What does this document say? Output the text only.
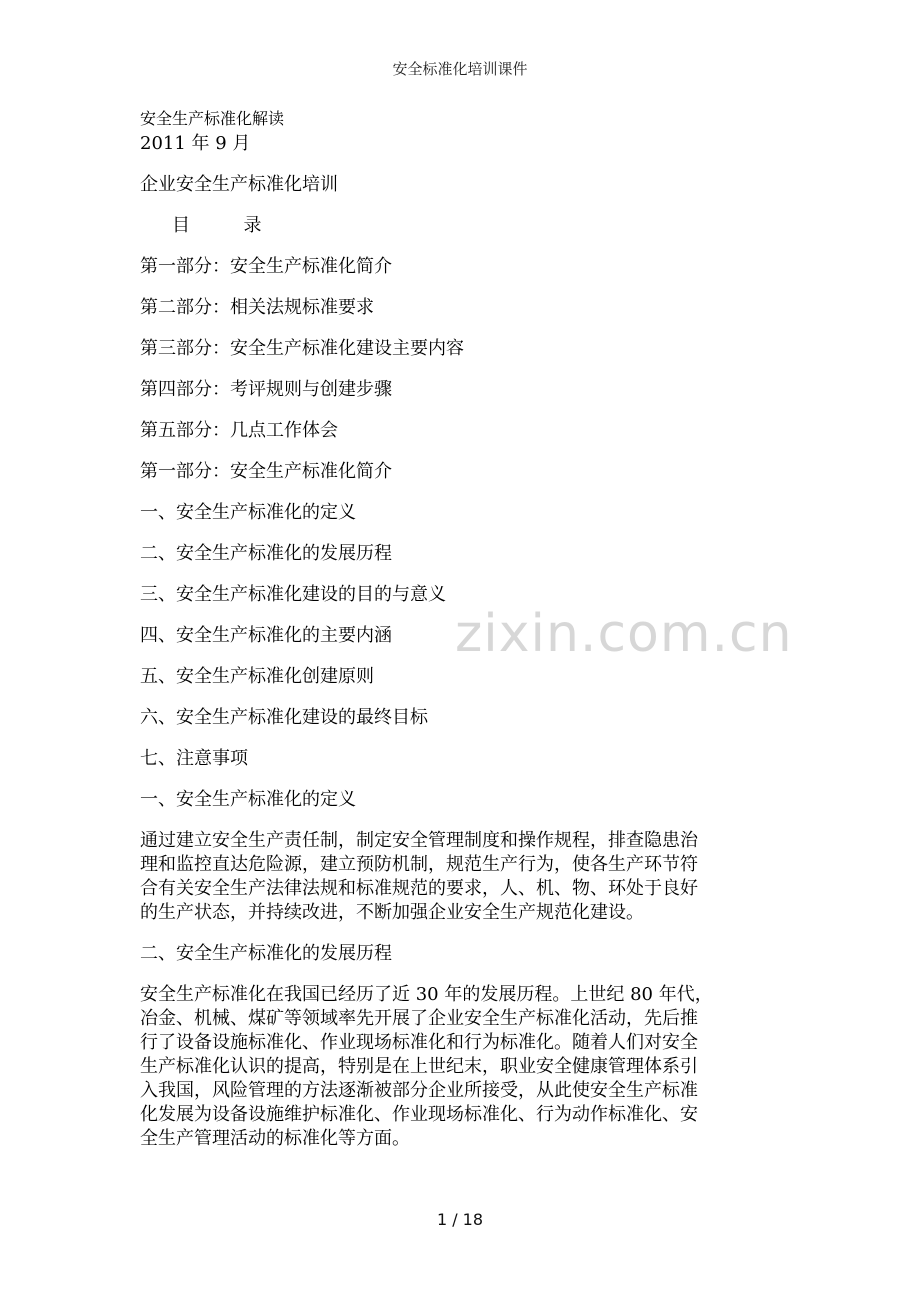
安全标准化培训课件
安全生产标准化解读
2011 年 9 月
企业安全生产标准化培训
目	录
第一部分：安全生产标准化简介
第二部分：相关法规标准要求
第三部分：安全生产标准化建设主要内容
第四部分：考评规则与创建步骤
第五部分：几点工作体会
第一部分：安全生产标准化简介
一、安全生产标准化的定义
二、安全生产标准化的发展历程
三、安全生产标准化建设的目的与意义
四、安全生产标准化的主要内涵
五、安全生产标准化创建原则
六、安全生产标准化建设的最终目标
七、注意事项
一、安全生产标准化的定义
通过建立安全生产责任制，制定安全管理制度和操作规程，排查隐患治
理和监控直达危险源，建立预防机制，规范生产行为，使各生产环节符
合有关安全生产法律法规和标准规范的要求，人、机、物、环处于良好
的生产状态，并持续改进，不断加强企业安全生产规范化建设。
二、安全生产标准化的发展历程
安全生产标准化在我国已经历了近 30 年的发展历程。上世纪 80 年代，
冶金、机械、煤矿等领域率先开展了企业安全生产标准化活动，先后推
行了设备设施标准化、作业现场标准化和行为标准化。随着人们对安全
生产标准化认识的提高，特别是在上世纪末，职业安全健康管理体系引
入我国，风险管理的方法逐渐被部分企业所接受，从此使安全生产标准
化发展为设备设施维护标准化、作业现场标准化、行为动作标准化、安
全生产管理活动的标准化等方面。
zixin.com.cn
1 / 18
